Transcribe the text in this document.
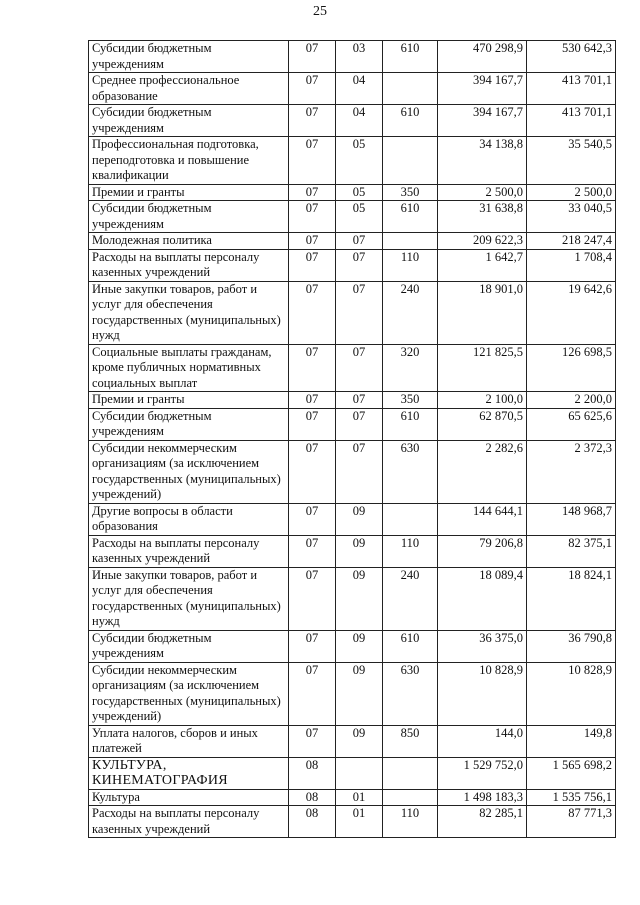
25
Субсидии бюджетным учреждениям	07	03	610	470 298,9	530 642,3
Среднее профессиональное образование	07	04		394 167,7	413 701,1
Субсидии бюджетным учреждениям	07	04	610	394 167,7	413 701,1
Профессиональная подготовка, переподготовка и повышение квалификации	07	05		34 138,8	35 540,5
Премии и гранты	07	05	350	2 500,0	2 500,0
Субсидии бюджетным учреждениям	07	05	610	31 638,8	33 040,5
Молодежная политика	07	07		209 622,3	218 247,4
Расходы на выплаты персоналу казенных учреждений	07	07	110	1 642,7	1 708,4
Иные закупки товаров, работ и услуг для обеспечения государственных (муниципальных) нужд	07	07	240	18 901,0	19 642,6
Социальные выплаты гражданам, кроме публичных нормативных социальных выплат	07	07	320	121 825,5	126 698,5
Премии и гранты	07	07	350	2 100,0	2 200,0
Субсидии бюджетным учреждениям	07	07	610	62 870,5	65 625,6
Субсидии некоммерческим организациям (за исключением государственных (муниципальных) учреждений)	07	07	630	2 282,6	2 372,3
Другие вопросы в области образования	07	09		144 644,1	148 968,7
Расходы на выплаты персоналу казенных учреждений	07	09	110	79 206,8	82 375,1
Иные закупки товаров, работ и услуг для обеспечения государственных (муниципальных) нужд	07	09	240	18 089,4	18 824,1
Субсидии бюджетным учреждениям	07	09	610	36 375,0	36 790,8
Субсидии некоммерческим организациям (за исключением государственных (муниципальных) учреждений)	07	09	630	10 828,9	10 828,9
Уплата налогов, сборов и иных платежей	07	09	850	144,0	149,8
КУЛЬТУРА, КИНЕМАТОГРАФИЯ	08			1 529 752,0	1 565 698,2
Культура	08	01		1 498 183,3	1 535 756,1
Расходы на выплаты персоналу казенных учреждений	08	01	110	82 285,1	87 771,3
